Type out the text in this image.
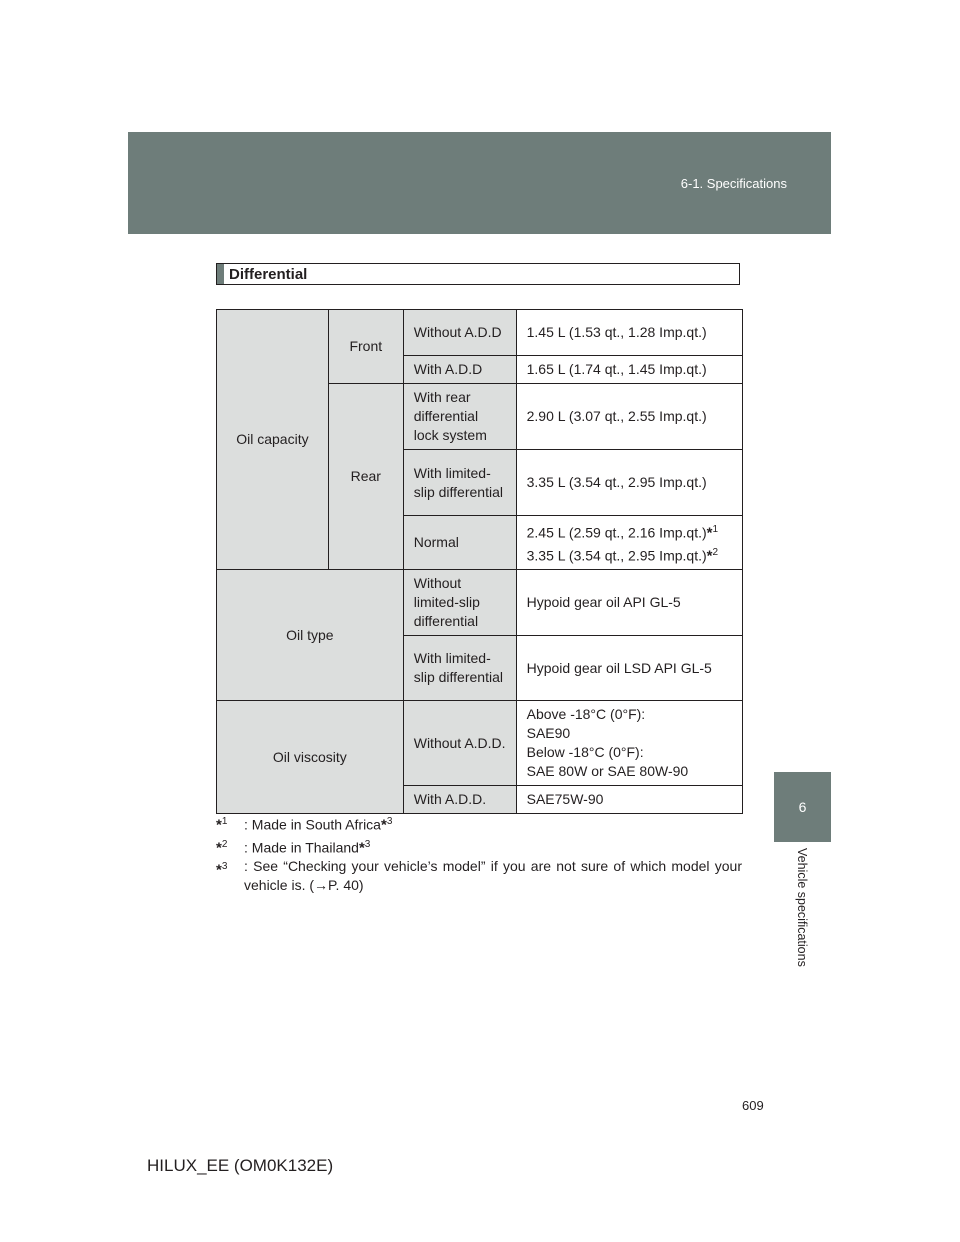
6-1. Specifications
6
Vehicle specifications
Differential
Oil capacity	Front	Without A.D.D	1.45 L (1.53 qt., 1.28 Imp.qt.)
		With A.D.D	1.65 L (1.74 qt., 1.45 Imp.qt.)
	Rear	With rear differential lock system	2.90 L (3.07 qt., 2.55 Imp.qt.)
		With limited-slip differential	3.35 L (3.54 qt., 2.95 Imp.qt.)
		Normal	2.45 L (2.59 qt., 2.16 Imp.qt.)*$^1$
3.35 L (3.54 qt., 2.95 Imp.qt.)*$^2$

Oil type		Without limited-slip differential	Hypoid gear oil API GL-5
		With limited-slip differential	Hypoid gear oil LSD API GL-5
Oil viscosity		Without A.D.D.	Above -18°C (0°F):
SAE90
Below -18°C (0°F):
SAE 80W or SAE 80W-90

		With A.D.D.	SAE75W-90
*$^1$ : Made in South Africa*$^3$
*$^2$ : Made in Thailand*$^3$
*$^3$ : See “Checking your vehicle’s model” if you are not sure of which model your vehicle is. (→P. 40)
609
HILUX_EE (OM0K132E)
